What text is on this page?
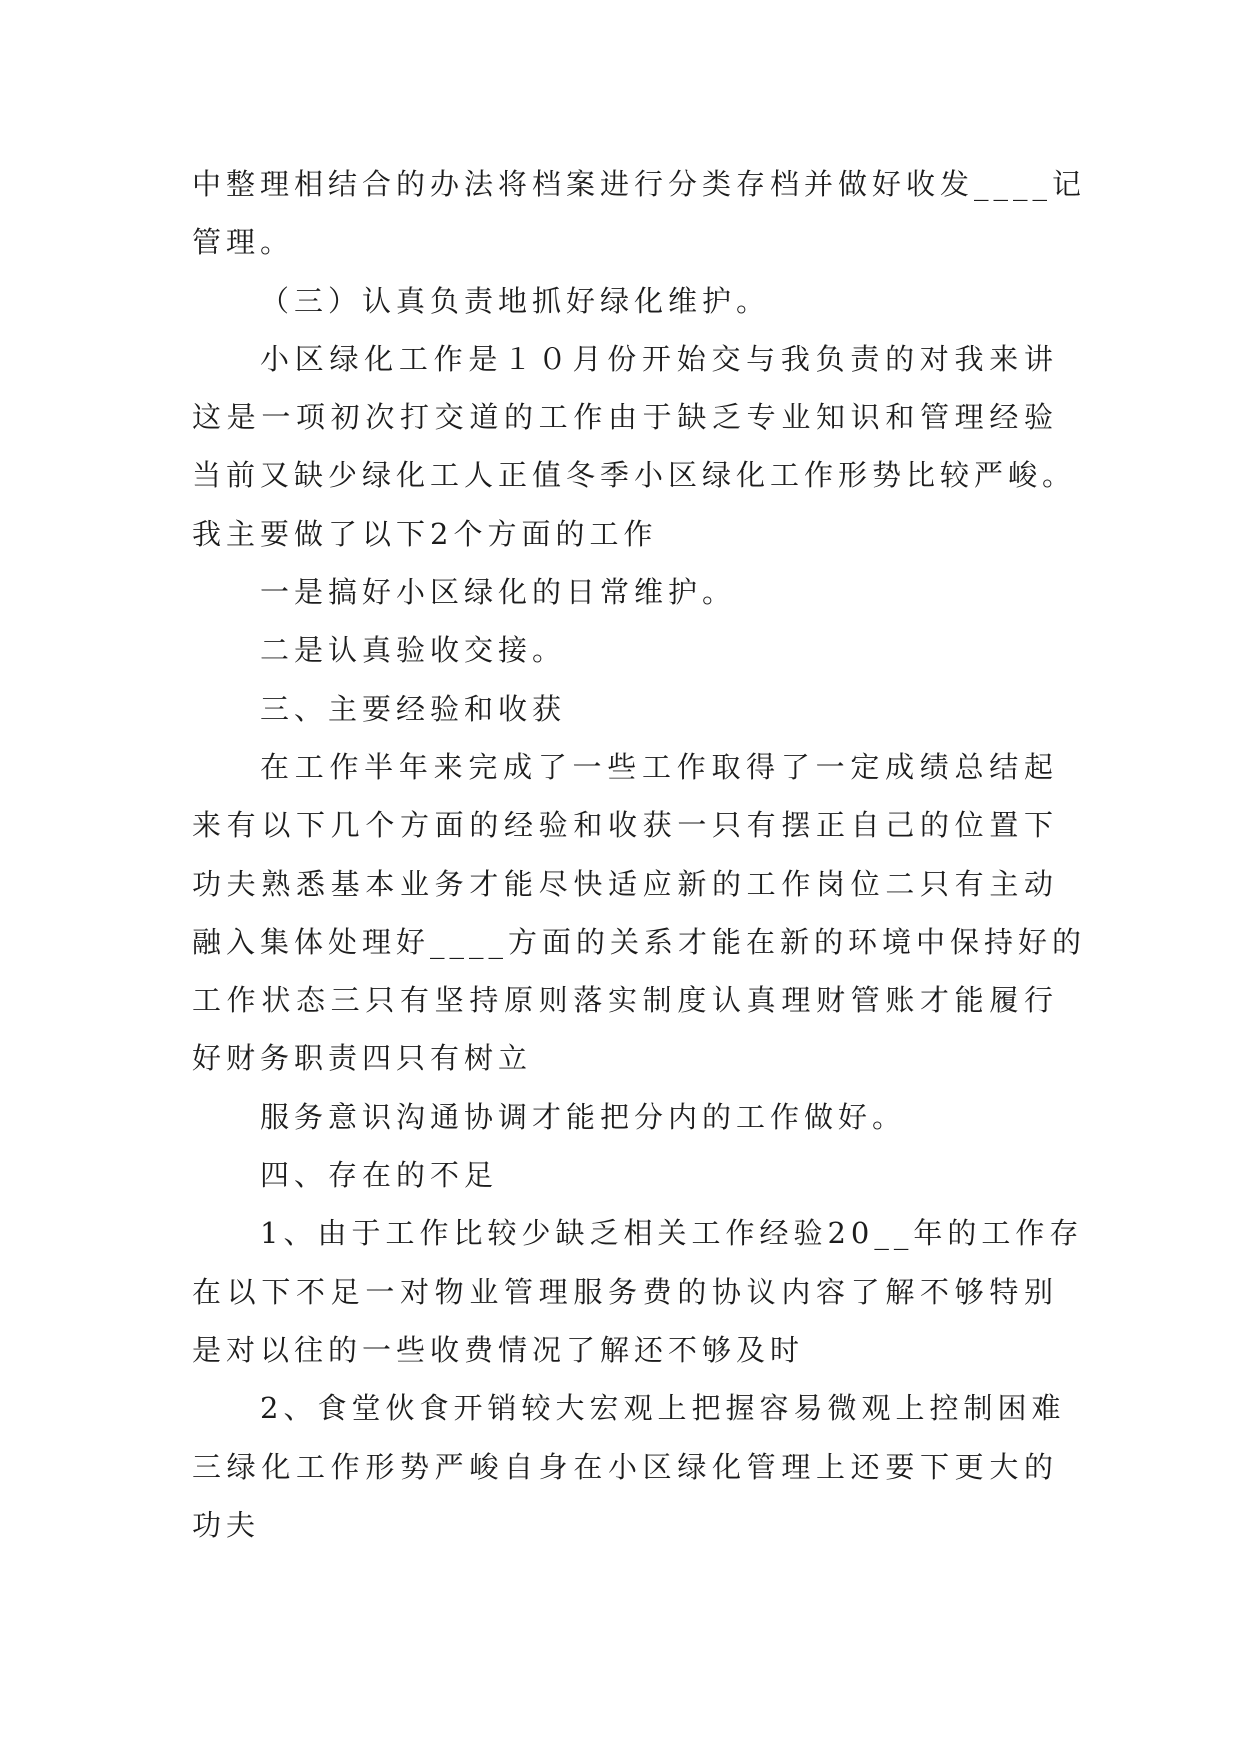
中整理相结合的办法将档案进行分类存档并做好收发____记
管理。
（三）认真负责地抓好绿化维护。
小区绿化工作是１０月份开始交与我负责的对我来讲
这是一项初次打交道的工作由于缺乏专业知识和管理经验
当前又缺少绿化工人正值冬季小区绿化工作形势比较严峻。
我主要做了以下2个方面的工作
一是搞好小区绿化的日常维护。
二是认真验收交接。
三、主要经验和收获
在工作半年来完成了一些工作取得了一定成绩总结起
来有以下几个方面的经验和收获一只有摆正自己的位置下
功夫熟悉基本业务才能尽快适应新的工作岗位二只有主动
融入集体处理好____方面的关系才能在新的环境中保持好的
工作状态三只有坚持原则落实制度认真理财管账才能履行
好财务职责四只有树立
服务意识沟通协调才能把分内的工作做好。
四、存在的不足
1、由于工作比较少缺乏相关工作经验20__年的工作存
在以下不足一对物业管理服务费的协议内容了解不够特别
是对以往的一些收费情况了解还不够及时
2、食堂伙食开销较大宏观上把握容易微观上控制困难
三绿化工作形势严峻自身在小区绿化管理上还要下更大的
功夫
